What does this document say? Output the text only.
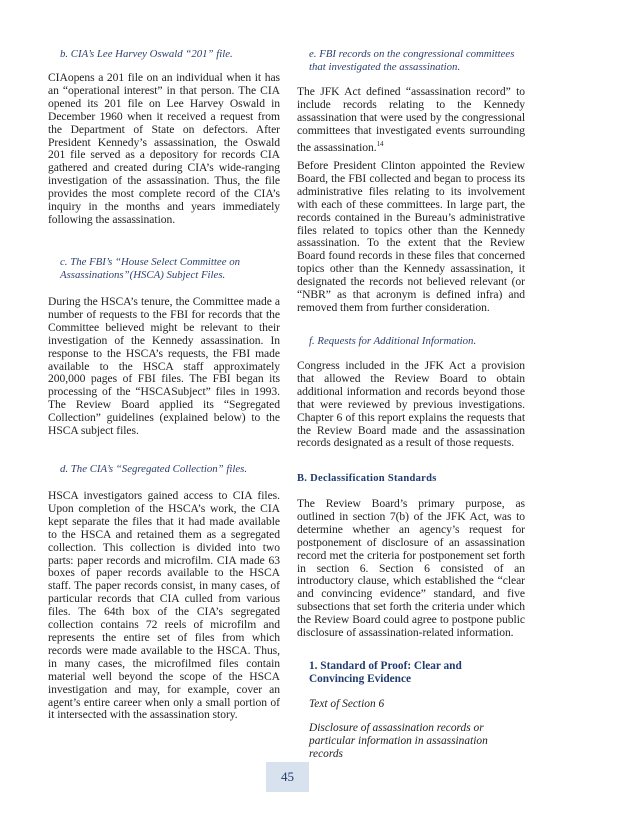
b. CIA’s Lee Harvey Oswald “201” file.

CIAopens a 201 file on an individual when it has an “operational interest” in that person. The CIA opened its 201 file on Lee Harvey Oswald in December 1960 when it received a request from the Department of State on defectors. After President Kennedy’s assassination, the Oswald 201 file served as a depository for records CIA gathered and created during CIA’s wide-ranging investigation of the assassination. Thus, the file provides the most complete record of the CIA’s inquiry in the months and years immediately following the assassination.

c. The FBI’s “House Select Committee on Assassinations”(HSCA) Subject Files.

During the HSCA’s tenure, the Committee made a number of requests to the FBI for records that the Committee believed might be relevant to their investigation of the Kennedy assassination. In response to the HSCA’s requests, the FBI made available to the HSCA staff approximately 200,000 pages of FBI files. The FBI began its processing of the “HSCASubject” files in 1993. The Review Board applied its “Segregated Collection” guidelines (explained below) to the HSCA subject files.

d. The CIA’s “Segregated Collection” files.

HSCA investigators gained access to CIA files. Upon completion of the HSCA’s work, the CIA kept separate the files that it had made available to the HSCA and retained them as a segregated collection. This collection is divided into two parts: paper records and microfilm. CIA made 63 boxes of paper records available to the HSCA staff. The paper records consist, in many cases, of particular records that CIA culled from various files. The 64th box of the CIA’s segregated collection contains 72 reels of microfilm and represents the entire set of files from which records were made available to the HSCA. Thus, in many cases, the microfilmed files contain material well beyond the scope of the HSCA investigation and may, for example, cover an agent’s entire career when only a small portion of it intersected with the assassination story.

e. FBI records on the congressional committees that investigated the assassination.

The JFK Act defined “assassination record” to include records relating to the Kennedy assassination that were used by the congressional committees that investigated events surrounding the assassination.$^{14}$

Before President Clinton appointed the Review Board, the FBI collected and began to process its administrative files relating to its involvement with each of these committees. In large part, the records contained in the Bureau’s administrative files related to topics other than the Kennedy assassination. To the extent that the Review Board found records in these files that concerned topics other than the Kennedy assassination, it designated the records not believed relevant (or “NBR” as that acronym is defined infra) and removed them from further consideration.

f. Requests for Additional Information.

Congress included in the JFK Act a provision that allowed the Review Board to obtain additional information and records beyond those that were reviewed by previous investigations. Chapter 6 of this report explains the requests that the Review Board made and the assassination records designated as a result of those requests.

B. Declassification Standards

The Review Board’s primary purpose, as outlined in section 7(b) of the JFK Act, was to determine whether an agency’s request for postponement of disclosure of an assassination record met the criteria for postponement set forth in section 6. Section 6 consisted of an introductory clause, which established the “clear and convincing evidence” standard, and five subsections that set forth the criteria under which the Review Board could agree to postpone public disclosure of assassination-related information.

1. Standard of Proof: Clear and Convincing Evidence

Text of Section 6

Disclosure of assassination records or particular information in assassination records

45
